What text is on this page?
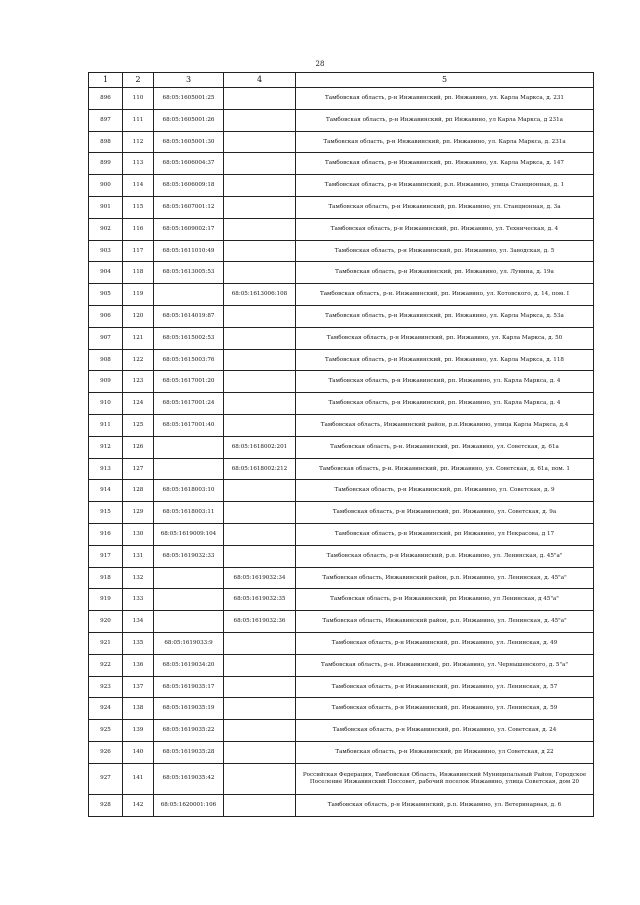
28
1	2	3	4	5
896	110	68:05:1605001:25		Тамбовская область, р-н Инжавинский, рп. Инжавино, ул. Карла Маркса, д. 231
897	111	68:05:1605001:26		Тамбовская область, р-н Инжавинский, рп Инжавино, ул Карла Маркса, д 231а
898	112	68:05:1605001:30		Тамбовская область, р-н Инжавинский, рп. Инжавино, ул. Карла Маркса, д. 231а
899	113	68:05:1606004:37		Тамбовская область, р-н Инжавинский, рп. Инжавино, ул. Карла Маркса, д. 147
900	114	68:05:1606009:18		Тамбовская область, р-н Инжавинский, р.п. Инжавино, улица Станционная, д. 1
901	115	68:05:1607001:12		Тамбовская область, р-н Инжавинский, рп. Инжавино, ул. Станционная, д. 3а
902	116	68:05:1609002:17		Тамбовская область, р-н Инжавинский, рп. Инжавино, ул. Техническая, д. 4
903	117	68:05:1611010:49		Тамбовская область, р-н Инжавинский, рп. Инжавино, ул. Заводская, д. 5
904	118	68:05:1613005:53		Тамбовская область, р-н Инжавинский, рп. Инжавино, ул. Лунина, д. 19а
905	119		68:05:1613006:108	Тамбовская область, р-н. Инжавинский, рп. Инжавино, ул. Котовского, д. 14, пом. I
906	120	68:05:1614019:87		Тамбовская область, р-н Инжавинский, рп. Инжавино, ул. Карла Маркса, д. 53а
907	121	68:05:1615002:53		Тамбовская область, р-н Инжавинский, рп. Инжавино, ул. Карла Маркса, д. 50
908	122	68:05:1615003:76		Тамбовская область, р-н Инжавинский, рп. Инжавино, ул. Карла Маркса, д. 118
909	123	68:05:1617001:20		Тамбовская область, р-н Инжавинский, рп. Инжавино, ул. Карла Маркса, д. 4
910	124	68:05:1617001:24		Тамбовская область, р-н Инжавинский, рп. Инжавино, ул. Карла Маркса, д. 4
911	125	68:05:1617001:40		Тамбовская область, Инжавинский район, р.п.Инжавино, улица Карла Маркса, д.4
912	126		68:05:1618002:201	Тамбовская область, р-н. Инжавинский, рп. Инжавино, ул. Советская, д. 61а
913	127		68:05:1618002:212	Тамбовская область, р-н. Инжавинский, рп. Инжавино, ул. Советская, д. 61а, пом. 1
914	128	68:05:1618003:10		Тамбовская область, р-н Инжавинский, рп. Инжавино, ул. Советская, д. 9
915	129	68:05:1618003:11		Тамбовская область, р-н Инжавинский, рп. Инжавино, ул. Советская, д. 9а
916	130	68:05:1619009:104		Тамбовская область, р-н Инжавинский, рп Инжавино, ул Некрасова, д 17
917	131	68:05:1619032:33		Тамбовская область, р-н Инжавинский, р.п. Инжавино, ул. Ленинская, д. 45"а"
918	132		68:05:1619032:34	Тамбовская область, Инжавинский район, р.п. Инжавино, ул. Ленинская, д. 45"а"
919	133		68:05:1619032:35	Тамбовская область, р-н Инжавинский, рп Инжавино, ул Ленинская, д 45"а"
920	134		68:05:1619032:36	Тамбовская область, Инжавинский район, р.п. Инжавино, ул. Ленинская, д. 45"а"
921	135	68:05:1619033:9		Тамбовская область, р-н Инжавинский, рп. Инжавино, ул. Ленинская, д. 49
922	136	68:05:1619034:20		Тамбовская область, р-н. Инжавинский, рп. Инжавино, ул. Чернышевского, д. 5"а"
923	137	68:05:1619035:17		Тамбовская область, р-н Инжавинский, рп. Инжавино, ул. Ленинская, д. 57
924	138	68:05:1619035:19		Тамбовская область, р-н Инжавинский, рп. Инжавино, ул. Ленинская, д. 59
925	139	68:05:1619035:22		Тамбовская область, р-н Инжавинский, рп. Инжавино, ул. Советская, д. 24
926	140	68:05:1619035:28		Тамбовская область, р-н Инжавинский, рп Инжавино, ул Советская, д 22
927	141	68:05:1619035:42		Российская Федерация, Тамбовская Область, Инжавинский Муниципальный Район, Городское Поселение Инжавинский Поссовет, рабочий поселок Инжавино, улица Советская, дом 20
928	142	68:05:1620001:106		Тамбовская область, р-н Инжавинский, р.п. Инжавино, ул. Ветеринарная, д. 6
